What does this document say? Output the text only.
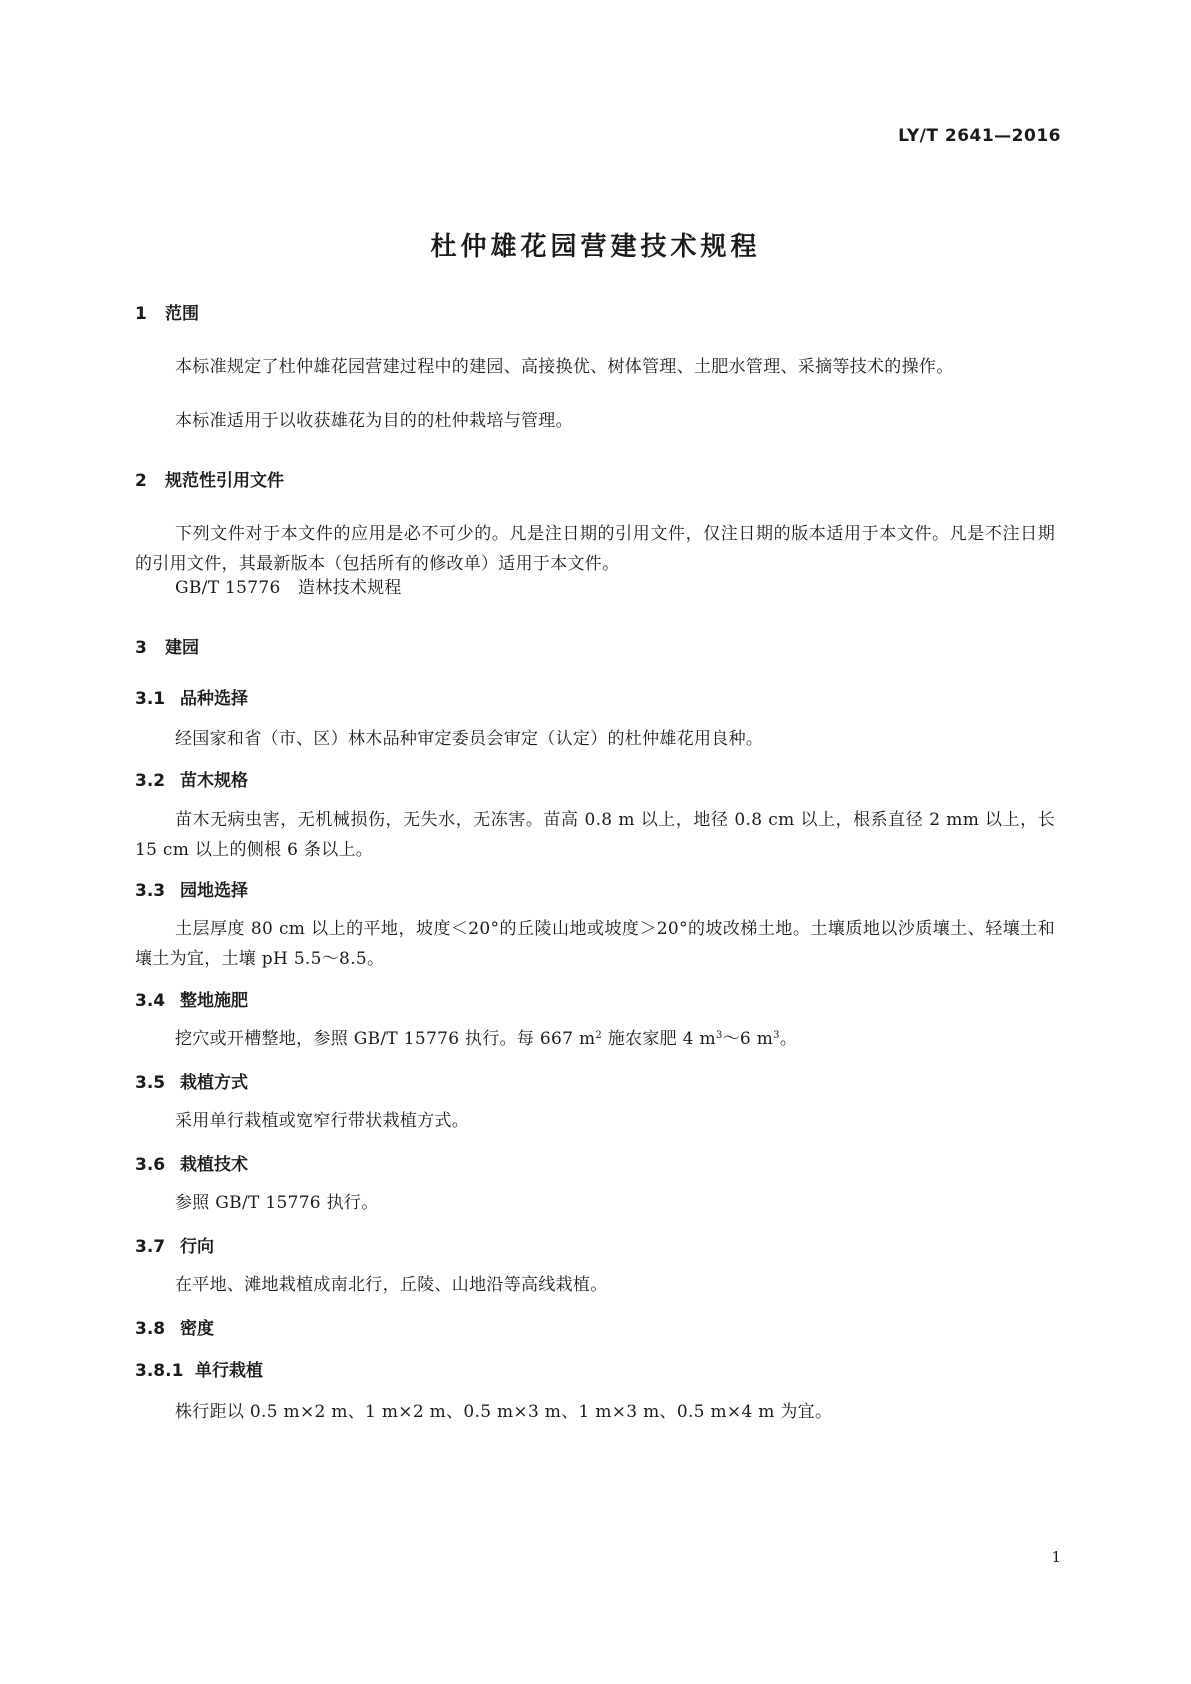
LY/T 2641—2016
杜仲雄花园营建技术规程
1 范围
本标准规定了杜仲雄花园营建过程中的建园、高接换优、树体管理、土肥水管理、采摘等技术的操作。
本标准适用于以收获雄花为目的的杜仲栽培与管理。
2 规范性引用文件
下列文件对于本文件的应用是必不可少的。凡是注日期的引用文件，仅注日期的版本适用于本文件。凡是不注日期的引用文件，其最新版本（包括所有的修改单）适用于本文件。
GB/T 15776　造林技术规程
3 建园
3.1 品种选择
经国家和省（市、区）林木品种审定委员会审定（认定）的杜仲雄花用良种。
3.2 苗木规格
苗木无病虫害，无机械损伤，无失水，无冻害。苗高 0.8 m 以上，地径 0.8 cm 以上，根系直径 2 mm 以上，长 15 cm 以上的侧根 6 条以上。
3.3 园地选择
土层厚度 80 cm 以上的平地，坡度＜20°的丘陵山地或坡度＞20°的坡改梯土地。土壤质地以沙质壤土、轻壤土和壤土为宜，土壤 pH 5.5～8.5。
3.4 整地施肥
挖穴或开槽整地，参照 GB/T 15776 执行。每 667 $m^2$ 施农家肥 4 $m^3\sim 6$ $m^3$。
3.5 栽植方式
采用单行栽植或宽窄行带状栽植方式。
3.6 栽植技术
参照 GB/T 15776 执行。
3.7 行向
在平地、滩地栽植成南北行，丘陵、山地沿等高线栽植。
3.8 密度
3.8.1 单行栽植
株行距以 0.5 m×2 m、1 m×2 m、0.5 m×3 m、1 m×3 m、0.5 m×4 m 为宜。
1
